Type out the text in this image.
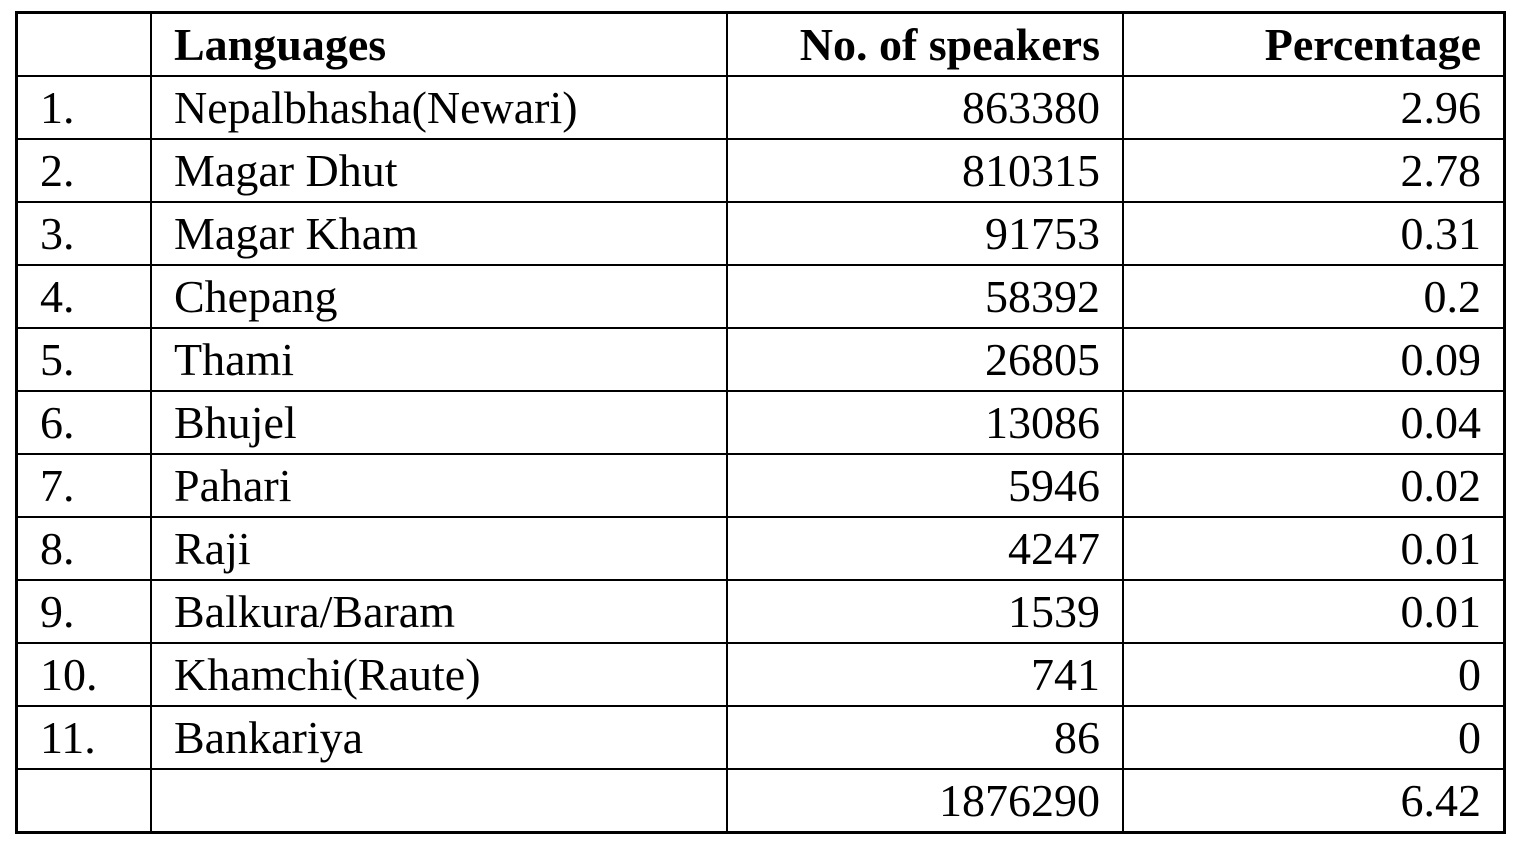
	Languages	No. of speakers	Percentage
1.	Nepalbhasha(Newari)	863380	2.96
2.	Magar Dhut	810315	2.78
3.	Magar Kham	91753	0.31
4.	Chepang	58392	0.2
5.	Thami	26805	0.09
6.	Bhujel	13086	0.04
7.	Pahari	5946	0.02
8.	Raji	4247	0.01
9.	Balkura/Baram	1539	0.01
10.	Khamchi(Raute)	741	0
11.	Bankariya	86	0
		1876290	6.42
